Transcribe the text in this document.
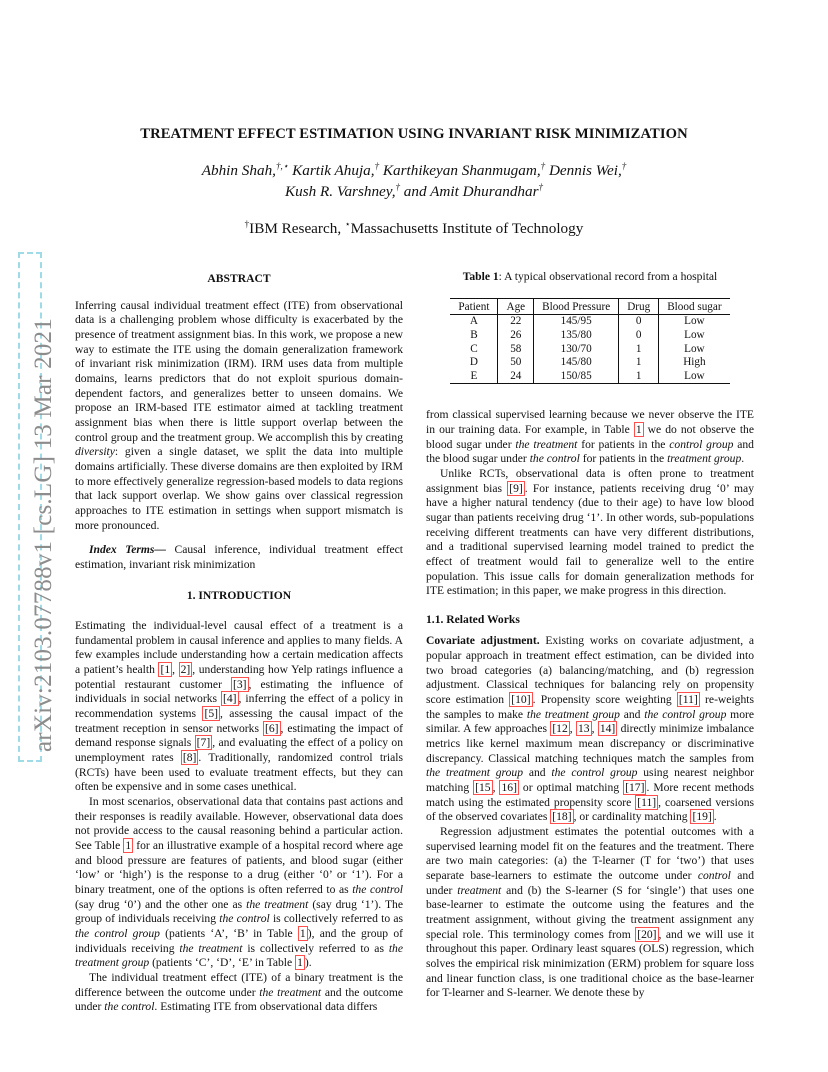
arXiv:2103.07788v1 [cs.LG] 13 Mar 2021
TREATMENT EFFECT ESTIMATION USING INVARIANT RISK MINIMIZATION
Abhin Shah,†,⋆ Kartik Ahuja,† Karthikeyan Shanmugam,† Dennis Wei,†
Kush R. Varshney,† and Amit Dhurandhar†
†IBM Research, ⋆Massachusetts Institute of Technology
ABSTRACT

Inferring causal individual treatment effect (ITE) from observational data is a challenging problem whose difficulty is exacerbated by the presence of treatment assignment bias. In this work, we propose a new way to estimate the ITE using the domain generalization framework of invariant risk minimization (IRM). IRM uses data from multiple domains, learns predictors that do not exploit spurious domain-dependent factors, and generalizes better to unseen domains. We propose an IRM-based ITE estimator aimed at tackling treatment assignment bias when there is little support overlap between the control group and the treatment group. We accomplish this by creating diversity: given a single dataset, we split the data into multiple domains artificially. These diverse domains are then exploited by IRM to more effectively generalize regression-based models to data regions that lack support overlap. We show gains over classical regression approaches to ITE estimation in settings when support mismatch is more pronounced.

Index Terms— Causal inference, individual treatment effect estimation, invariant risk minimization

1. INTRODUCTION

Estimating the individual-level causal effect of a treatment is a fundamental problem in causal inference and applies to many fields. A few examples include understanding how a certain medication affects a patient’s health [1 , 2] , understanding how Yelp ratings influence a potential restaurant customer [3] , estimating the influence of individuals in social networks [4] , inferring the effect of a policy in recommendation systems [5] , assessing the causal impact of the treatment reception in sensor networks [6] , estimating the impact of demand response signals [7] , and evaluating the effect of a policy on unemployment rates [8] . Traditionally, randomized control trials (RCTs) have been used to evaluate treatment effects, but they can often be expensive and in some cases unethical.

In most scenarios, observational data that contains past actions and their responses is readily available. However, observational data does not provide access to the causal reasoning behind a particular action. See Table 1 for an illustrative example of a hospital record where age and blood pressure are features of patients, and blood sugar (either ‘low’ or ‘high’) is the response to a drug (either ‘0’ or ‘1’). For a binary treatment, one of the options is often referred to as the control (say drug ‘0’) and the other one as the treatment (say drug ‘1’). The group of individuals receiving the control is collectively referred to as the control group (patients ‘A’, ‘B’ in Table 1 ), and the group of individuals receiving the treatment is collectively referred to as the treatment group (patients ‘C’, ‘D’, ‘E’ in Table 1 ).

The individual treatment effect (ITE) of a binary treatment is the difference between the outcome under the treatment and the outcome under the control. Estimating ITE from observational data differs

Table 1: A typical observational record from a hospital
Patient	Age	Blood Pressure	Drug	Blood sugar
A	22	145/95	0	Low
B	26	135/80	0	Low
C	58	130/70	1	Low
D	50	145/80	1	High
E	24	150/85	1	Low

from classical supervised learning because we never observe the ITE in our training data. For example, in Table 1 we do not observe the blood sugar under the treatment for patients in the control group and the blood sugar under the control for patients in the treatment group.

Unlike RCTs, observational data is often prone to treatment assignment bias [9] . For instance, patients receiving drug ‘0’ may have a higher natural tendency (due to their age) to have low blood sugar than patients receiving drug ‘1’. In other words, sub-populations receiving different treatments can have very different distributions, and a traditional supervised learning model trained to predict the effect of treatment would fail to generalize well to the entire population. This issue calls for domain generalization methods for ITE estimation; in this paper, we make progress in this direction.

1.1. Related Works

Covariate adjustment. Existing works on covariate adjustment, a popular approach in treatment effect estimation, can be divided into two broad categories (a) balancing/matching, and (b) regression adjustment. Classical techniques for balancing rely on propensity score estimation [10] . Propensity score weighting [11] re-weights the samples to make the treatment group and the control group more similar. A few approaches [12 , 13 , 14] directly minimize imbalance metrics like kernel maximum mean discrepancy or discriminative discrepancy. Classical matching techniques match the samples from the treatment group and the control group using nearest neighbor matching [15 , 16] or optimal matching [17] . More recent methods match using the estimated propensity score [11] , coarsened versions of the observed covariates [18] , or cardinality matching [19] .

Regression adjustment estimates the potential outcomes with a supervised learning model fit on the features and the treatment. There are two main categories: (a) the T-learner (T for ‘two’) that uses separate base-learners to estimate the outcome under control and under treatment and (b) the S-learner (S for ‘single’) that uses one base-learner to estimate the outcome using the features and the treatment assignment, without giving the treatment assignment any special role. This terminology comes from [20] , and we will use it throughout this paper. Ordinary least squares (OLS) regression, which solves the empirical risk minimization (ERM) problem for square loss and linear function class, is one traditional choice as the base-learner for T-learner and S-learner. We denote these by
